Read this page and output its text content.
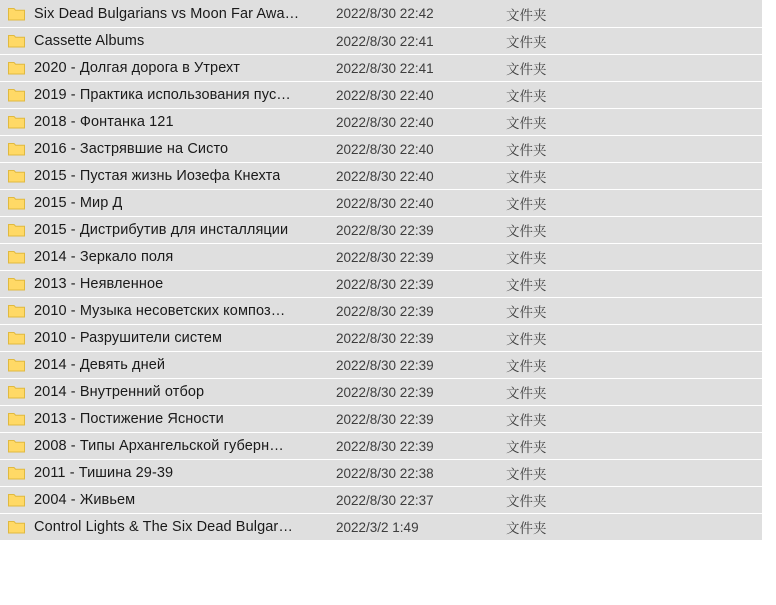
Six Dead Bulgarians vs Moon Far Awa…	2022/8/30 22:42	文件夹
Cassette Albums	2022/8/30 22:41	文件夹
2020 - Долгая дорога в Утрехт	2022/8/30 22:41	文件夹
2019 - Практика использования пус…	2022/8/30 22:40	文件夹
2018 - Фонтанка 121	2022/8/30 22:40	文件夹
2016 - Застрявшие на Систо	2022/8/30 22:40	文件夹
2015 - Пустая жизнь Иозефа Кнехта	2022/8/30 22:40	文件夹
2015 - Мир Д	2022/8/30 22:40	文件夹
2015 - Дистрибутив для инсталляции	2022/8/30 22:39	文件夹
2014 - Зеркало поля	2022/8/30 22:39	文件夹
2013 - Неявленное	2022/8/30 22:39	文件夹
2010 - Музыка несоветских композ…	2022/8/30 22:39	文件夹
2010 - Разрушители систем	2022/8/30 22:39	文件夹
2014 - Девять дней	2022/8/30 22:39	文件夹
2014 - Внутренний отбор	2022/8/30 22:39	文件夹
2013 - Постижение Ясности	2022/8/30 22:39	文件夹
2008 - Типы Архангельской губерн…	2022/8/30 22:39	文件夹
2011 - Тишина 29-39	2022/8/30 22:38	文件夹
2004 - Живьем	2022/8/30 22:37	文件夹
Control Lights & The Six Dead Bulgar…	2022/3/2 1:49	文件夹
